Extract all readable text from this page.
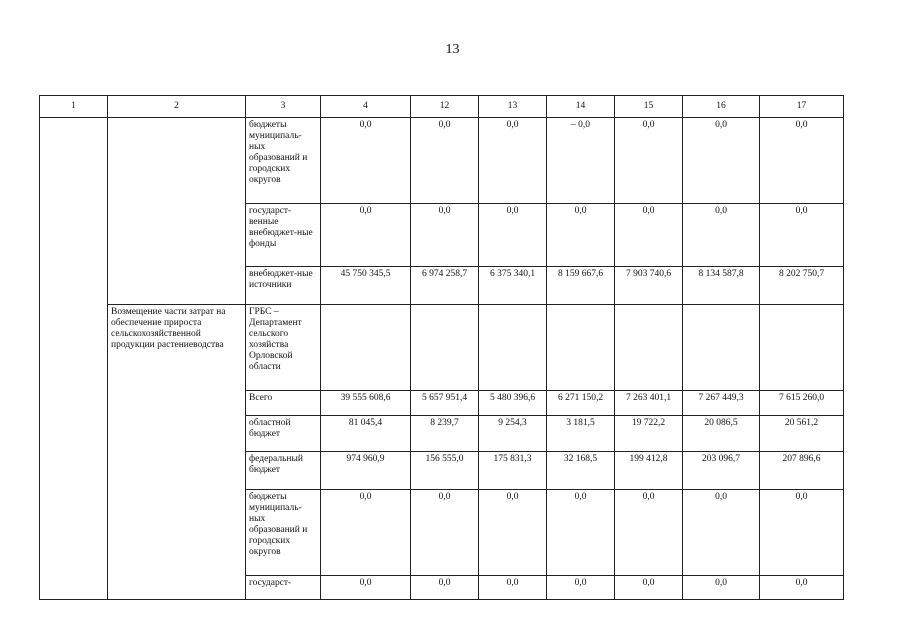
13
1	2	3	4	12	13	14	15	16	17
		бюджеты муниципаль-ных образований и городских округов	0,0	0,0	0,0	– 0,0	0,0	0,0	0,0
		государст-венные внебюджет-ные фонды	0,0	0,0	0,0	0,0	0,0	0,0	0,0
		внебюджет-ные источники	45 750 345,5	6 974 258,7	6 375 340,1	8 159 667,6	7 903 740,6	8 134 587,8	8 202 750,7
	Возмещение части затрат на обеспечение прироста сельскохозяйственной продукции растениеводства	ГРБС – Департамент сельского хозяйства Орловской области							
		Всего	39 555 608,6	5 657 951,4	5 480 396,6	6 271 150,2	7 263 401,1	7 267 449,3	7 615 260,0
		областной бюджет	81 045,4	8 239,7	9 254,3	3 181,5	19 722,2	20 086,5	20 561,2
		федеральный бюджет	974 960,9	156 555,0	175 831,3	32 168,5	199 412,8	203 096,7	207 896,6
		бюджеты муниципаль-ных образований и городских округов	0,0	0,0	0,0	0,0	0,0	0,0	0,0
		государст-	0,0	0,0	0,0	0,0	0,0	0,0	0,0
